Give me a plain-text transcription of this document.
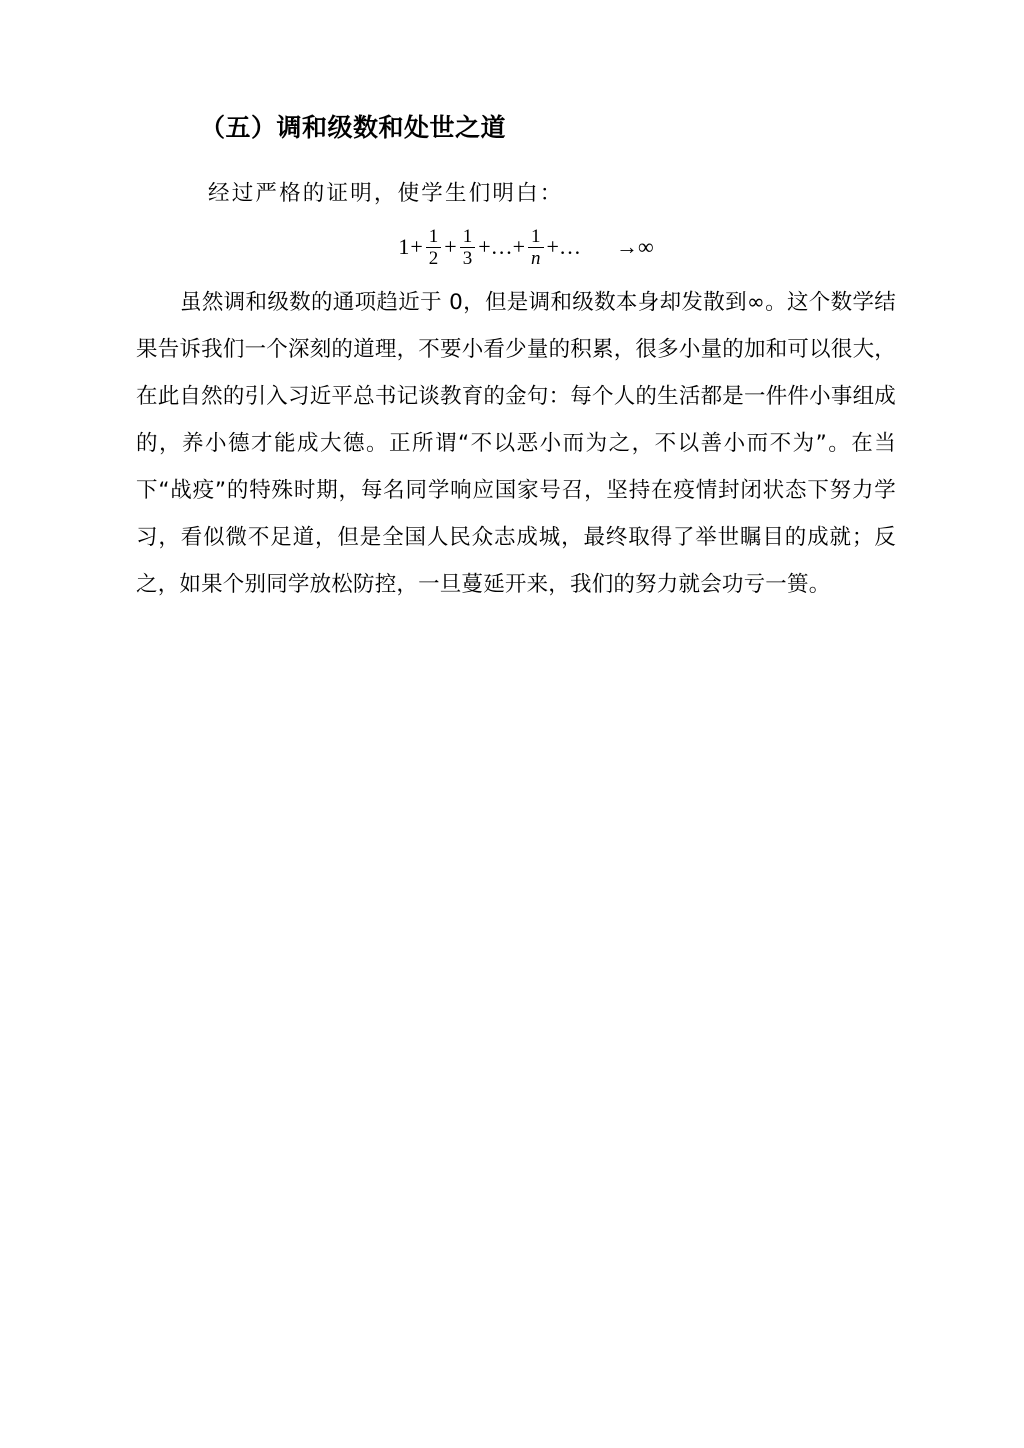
（五）调和级数和处世之道

经过严格的证明，使学生们明白：

$1+ \frac{1}{2} + \frac{1}{3}$ +…+ $\frac{1}{n}$ +… →∞

虽然调和级数的通项趋近于 0，但是调和级数本身却发散到∞。这个数学结果告诉我们一个深刻的道理，不要小看少量的积累，很多小量的加和可以很大，在此自然的引入习近平总书记谈教育的金句：每个人的生活都是一件件小事组成的，养小德才能成大德。正所谓“不以恶小而为之，不以善小而不为”。在当下“战疫”的特殊时期，每名同学响应国家号召，坚持在疫情封闭状态下努力学习，看似微不足道，但是全国人民众志成城，最终取得了举世瞩目的成就；反之，如果个别同学放松防控，一旦蔓延开来，我们的努力就会功亏一篑。
